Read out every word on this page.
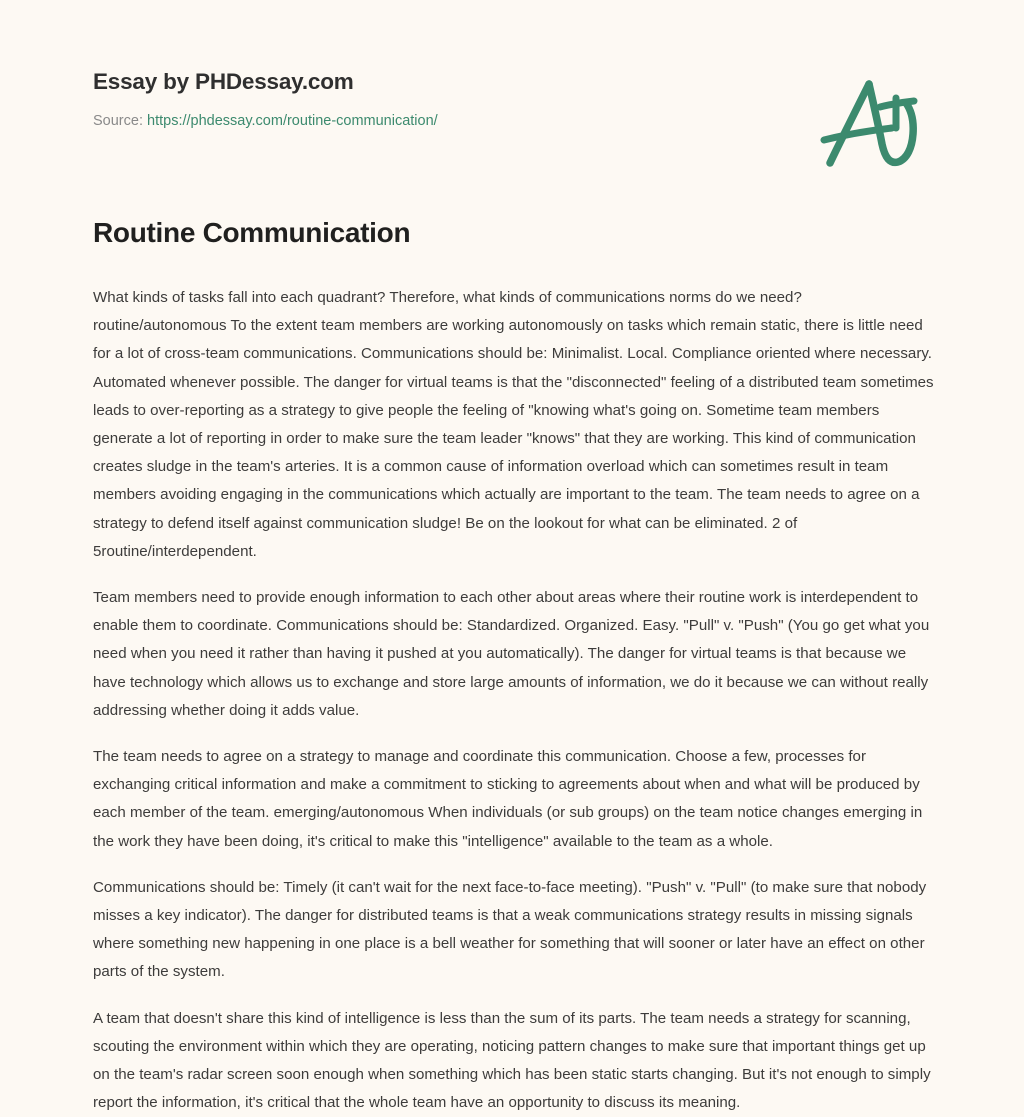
Essay by PHDessay.com
Source: https://phdessay.com/routine-communication/
Routine Communication

What kinds of tasks fall into each quadrant? Therefore, what kinds of communications norms do we need? routine/autonomous To the extent team members are working autonomously on tasks which remain static, there is little need for a lot of cross-team communications. Communications should be: Minimalist. Local. Compliance oriented where necessary. Automated whenever possible. The danger for virtual teams is that the "disconnected" feeling of a distributed team sometimes leads to over-reporting as a strategy to give people the feeling of "knowing what's going on. Sometime team members generate a lot of reporting in order to make sure the team leader "knows" that they are working. This kind of communication creates sludge in the team's arteries. It is a common cause of information overload which can sometimes result in team members avoiding engaging in the communications which actually are important to the team. The team needs to agree on a strategy to defend itself against communication sludge! Be on the lookout for what can be eliminated. 2 of 5routine/interdependent.

Team members need to provide enough information to each other about areas where their routine work is interdependent to enable them to coordinate. Communications should be: Standardized. Organized. Easy. "Pull" v. "Push" (You go get what you need when you need it rather than having it pushed at you automatically). The danger for virtual teams is that because we have technology which allows us to exchange and store large amounts of information, we do it because we can without really addressing whether doing it adds value.

The team needs to agree on a strategy to manage and coordinate this communication. Choose a few, processes for exchanging critical information and make a commitment to sticking to agreements about when and what will be produced by each member of the team. emerging/autonomous When individuals (or sub groups) on the team notice changes emerging in the work they have been doing, it's critical to make this "intelligence" available to the team as a whole.

Communications should be: Timely (it can't wait for the next face-to-face meeting). "Push" v. "Pull" (to make sure that nobody misses a key indicator). The danger for distributed teams is that a weak communications strategy results in missing signals where something new happening in one place is a bell weather for something that will sooner or later have an effect on other parts of the system.

A team that doesn't share this kind of intelligence is less than the sum of its parts. The team needs a strategy for scanning, scouting the environment within which they are operating, noticing pattern changes to make sure that important things get up on the team's radar screen soon enough when something which has been static starts changing. But it's not enough to simply report the information, it's critical that the whole team have an opportunity to discuss its meaning.
